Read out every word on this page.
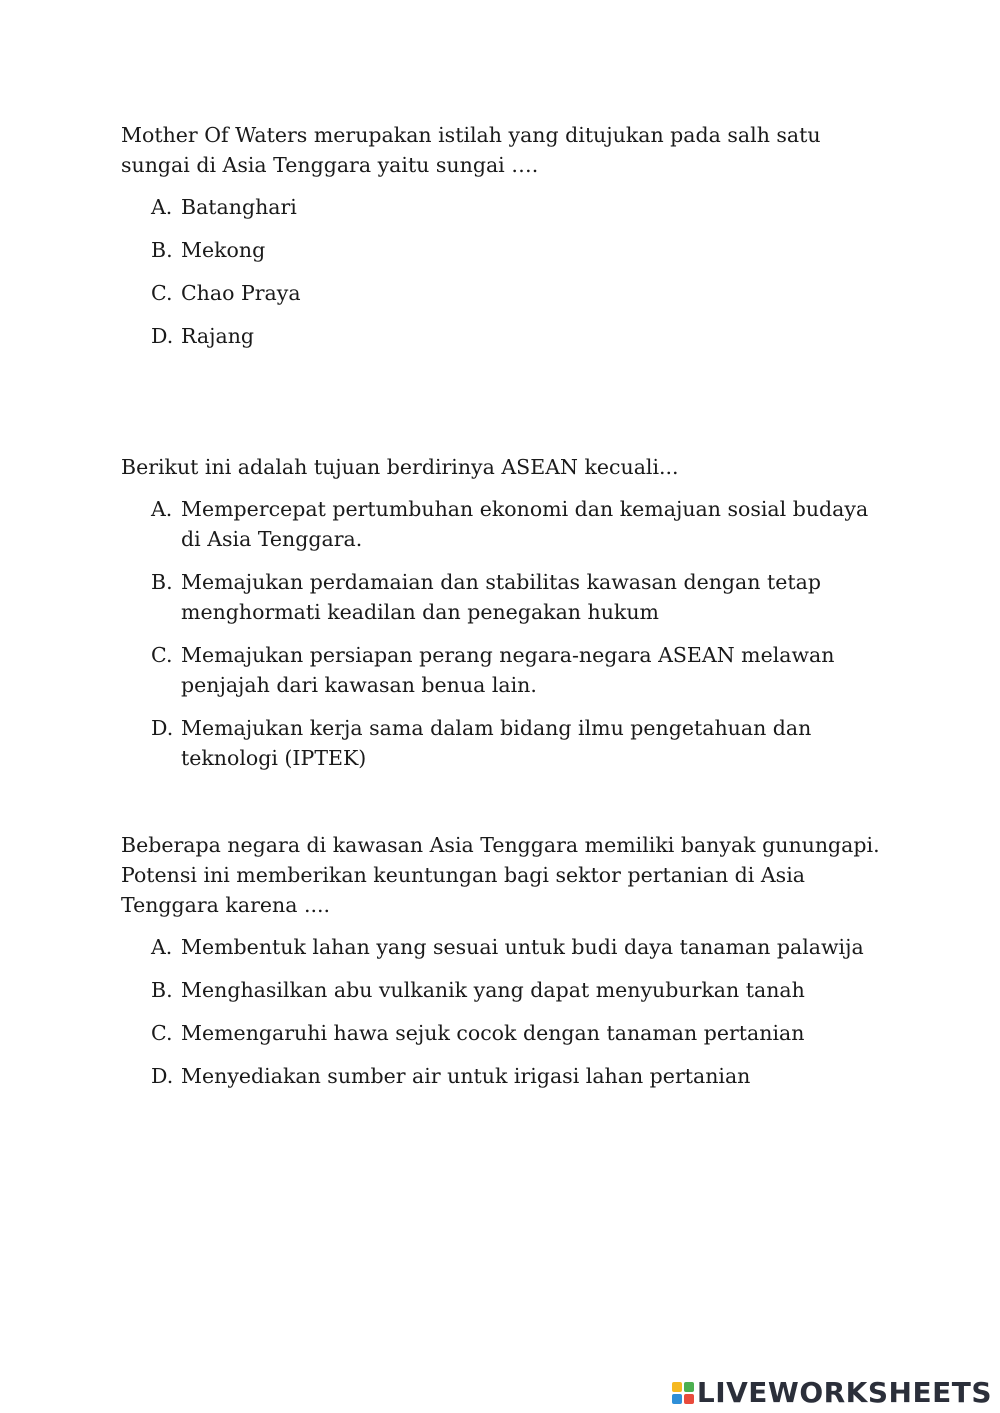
Mother Of Waters merupakan istilah yang ditujukan pada salh satu sungai di Asia Tenggara yaitu sungai ….

A. Batanghari
B. Mekong
C. Chao Praya
D. Rajang

Berikut ini adalah tujuan berdirinya ASEAN kecuali...

A. Mempercepat pertumbuhan ekonomi dan kemajuan sosial budaya di Asia Tenggara.
B. Memajukan perdamaian dan stabilitas kawasan dengan tetap menghormati keadilan dan penegakan hukum
C. Memajukan persiapan perang negara-negara ASEAN melawan penjajah dari kawasan benua lain.
D. Memajukan kerja sama dalam bidang ilmu pengetahuan dan teknologi (IPTEK)

Beberapa negara di kawasan Asia Tenggara memiliki banyak gunungapi. Potensi ini memberikan keuntungan bagi sektor pertanian di Asia Tenggara karena ....

A. Membentuk lahan yang sesuai untuk budi daya tanaman palawija
B. Menghasilkan abu vulkanik yang dapat menyuburkan tanah
C. Memengaruhi hawa sejuk cocok dengan tanaman pertanian
D. Menyediakan sumber air untuk irigasi lahan pertanian
LIVEWORKSHEETS
